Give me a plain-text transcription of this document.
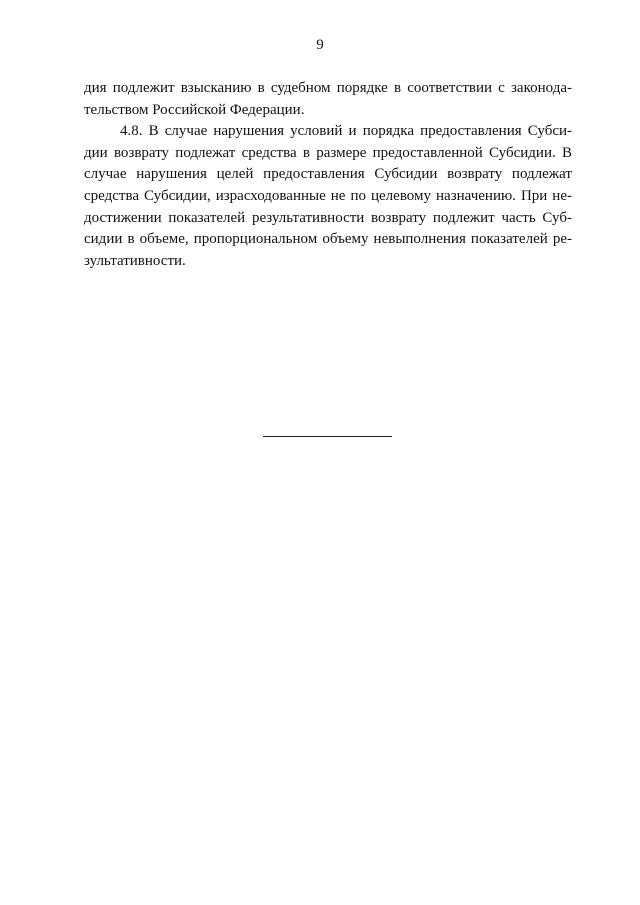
9
дия подлежит взысканию в судебном порядке в соответствии с законода-
тельством Российской Федерации.
4.8. В случае нарушения условий и порядка предоставления Субси-
дии возврату подлежат средства в размере предоставленной Субсидии. В
случае нарушения целей предоставления Субсидии возврату подлежат
средства Субсидии, израсходованные не по целевому назначению. При не-
достижении показателей результативности возврату подлежит часть Суб-
сидии в объеме, пропорциональном объему невыполнения показателей ре-
зультативности.
